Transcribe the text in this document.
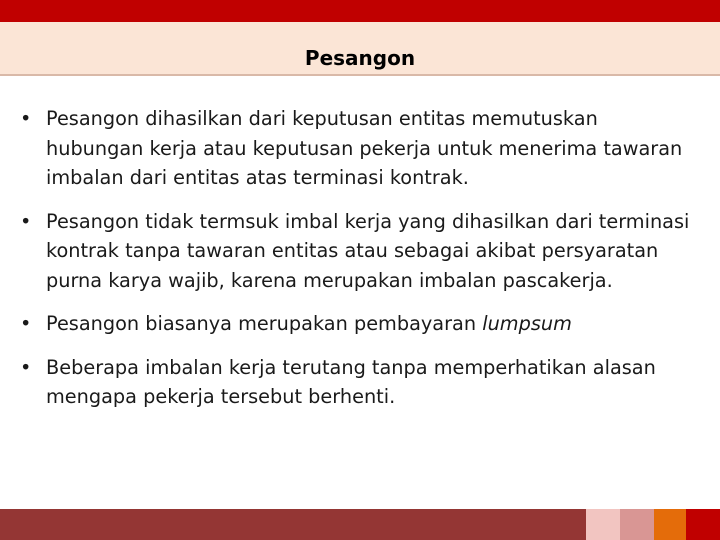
Pesangon
• Pesangon dihasilkan dari keputusan entitas memutuskan hubungan kerja atau keputusan pekerja untuk menerima tawaran imbalan dari entitas atas terminasi kontrak.
• Pesangon tidak termsuk imbal kerja yang dihasilkan dari terminasi kontrak tanpa tawaran entitas atau sebagai akibat persyaratan purna karya wajib, karena merupakan imbalan pascakerja.
• Pesangon biasanya merupakan pembayaran lumpsum
• Beberapa imbalan kerja terutang tanpa memperhatikan alasan mengapa pekerja tersebut berhenti.
